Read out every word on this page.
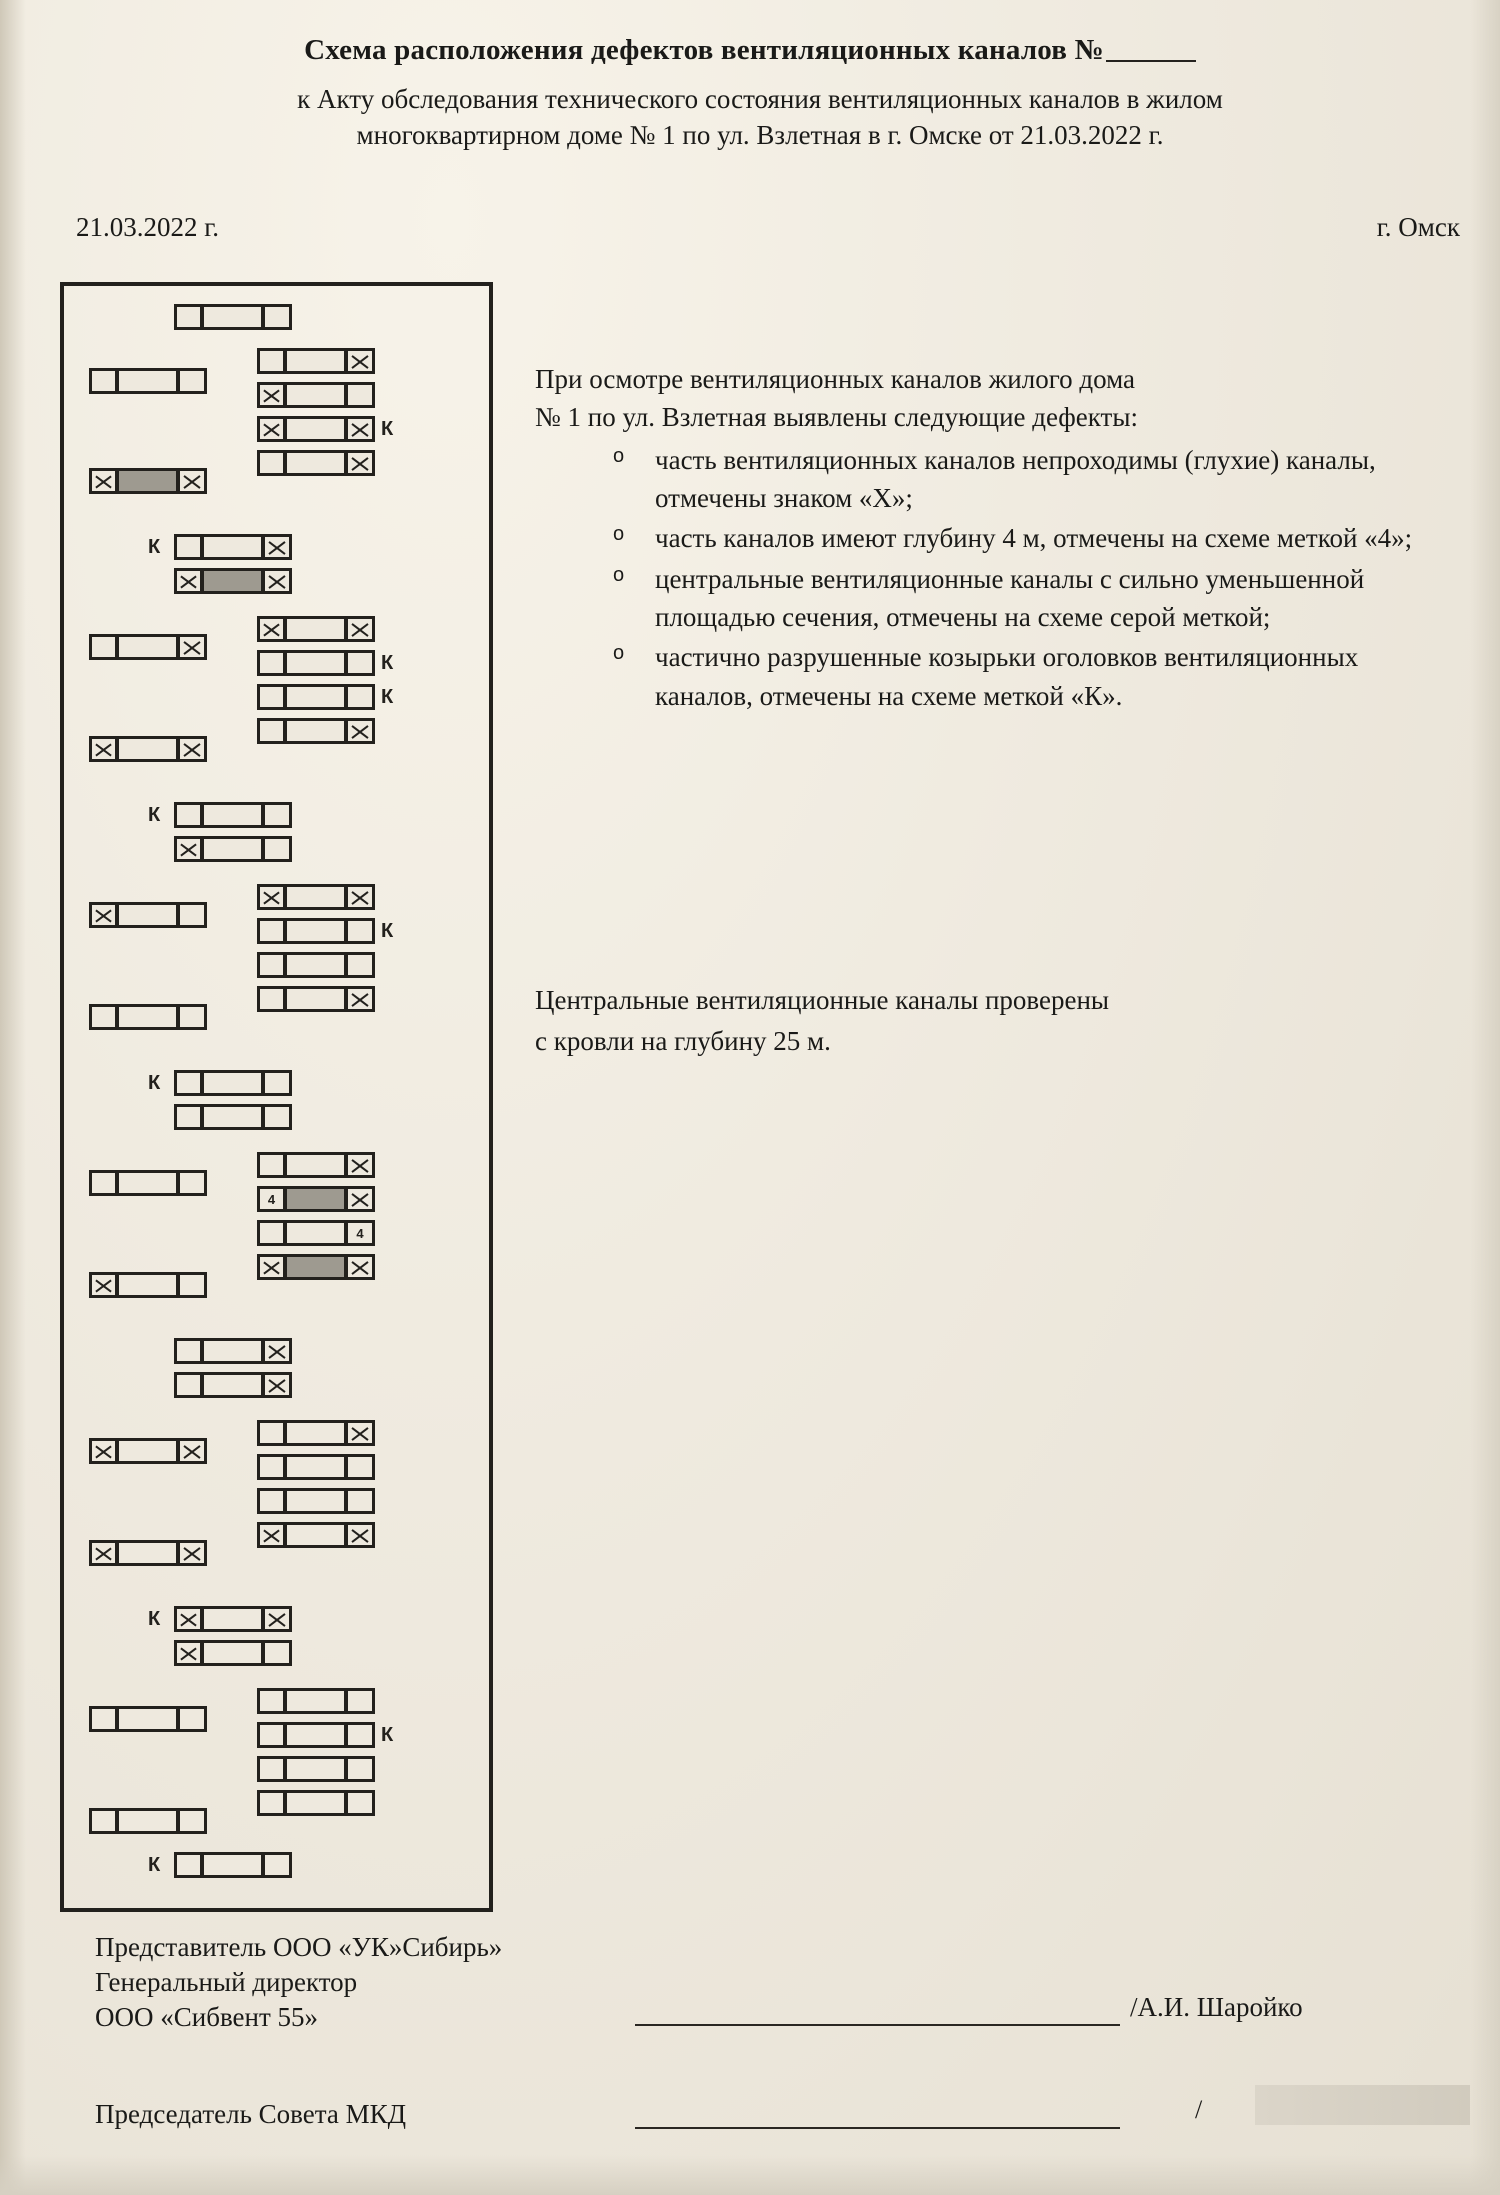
Схема расположения дефектов вентиляционных каналов №
к Акту обследования технического состояния вентиляционных каналов в жилом
многоквартирном доме № 1 по ул. Взлетная в г. Омске от 21.03.2022 г.
21.03.2022 г.	г. Омск
К
К
К
К
К
К
К
4
4
К
К
К

При осмотре вентиляционных каналов жилого дома

№ 1 по ул. Взлетная выявлены следующие дефекты:

o часть вентиляционных каналов непроходимы (глухие) каналы, отмечены знаком «Х»;
o часть каналов имеют глубину 4 м, отмечены на схеме меткой «4»;
o центральные вентиляционные каналы с сильно уменьшенной площадью сечения, отмечены на схеме серой меткой;
o частично разрушенные козырьки оголовков вентиляционных каналов, отмечены на схеме меткой «К».

Центральные вентиляционные каналы проверены

с кровли на глубину 25 м.

Представитель ООО «УК»Сибирь»
Генеральный директор
ООО «Сибвент 55»	/А.И. Шаройко
Председатель Совета МКД	/
